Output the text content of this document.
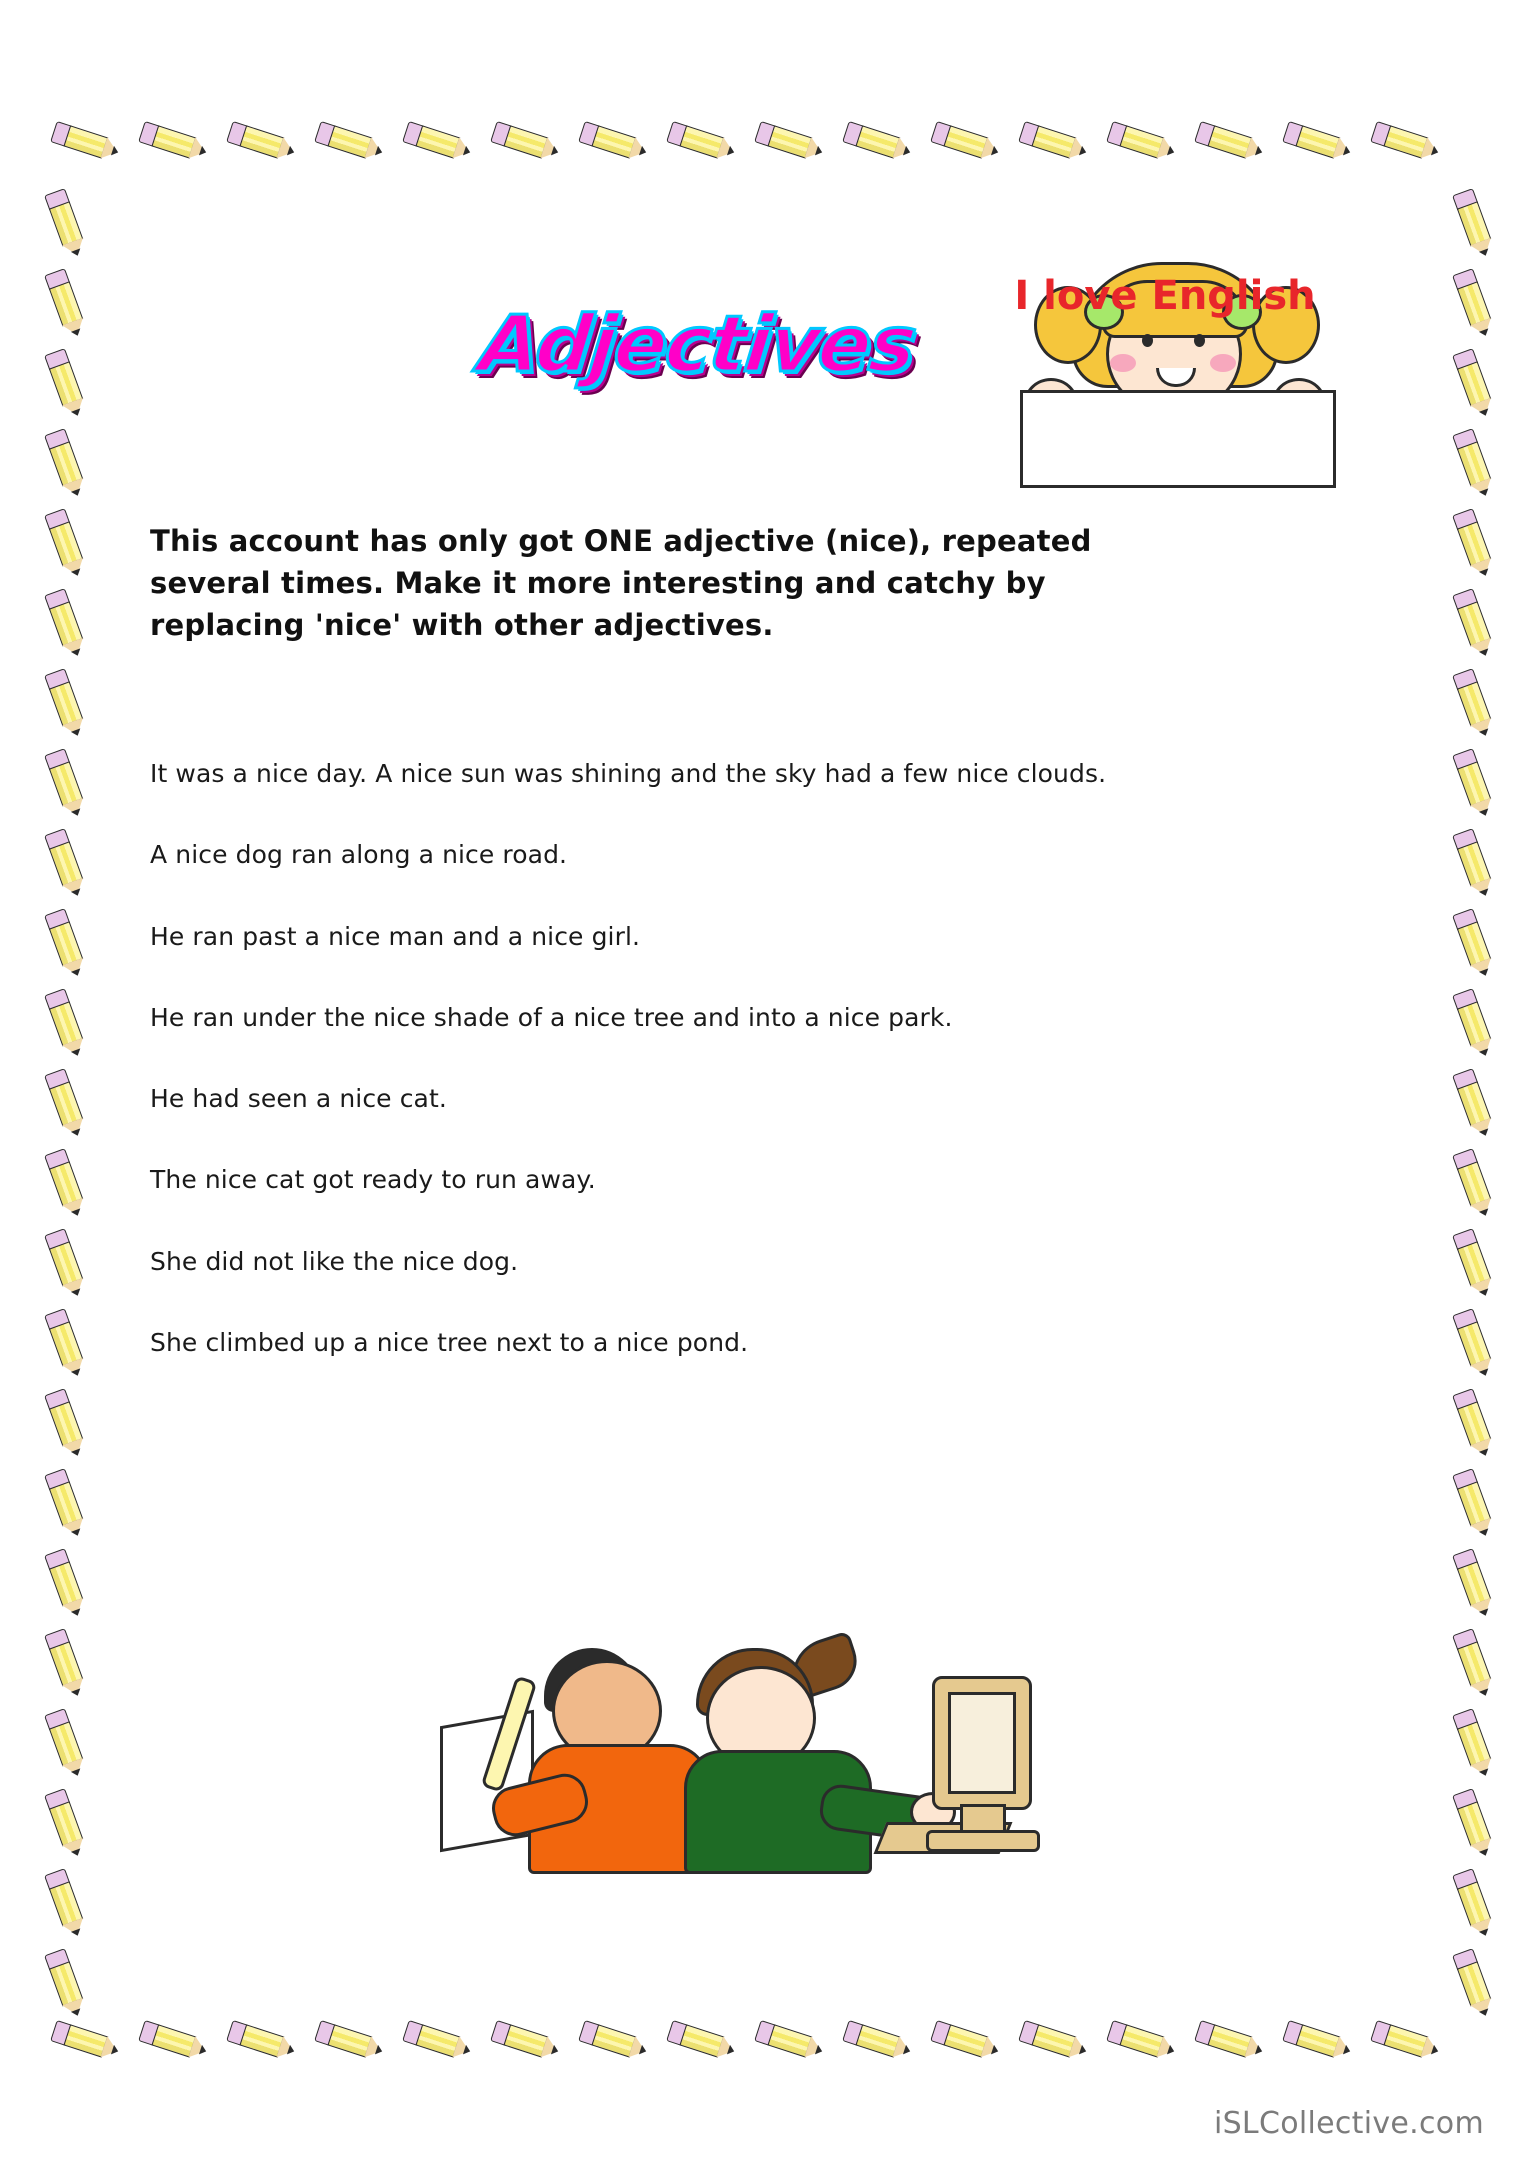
Adjectives
I love English
This account has only got ONE adjective (nice), repeated several times. Make it more interesting and catchy by replacing 'nice' with other adjectives.
It was a nice day. A nice sun was shining and the sky had a few nice clouds.
A nice dog ran along a nice road.
He ran past a nice man and a nice girl.
He ran under the nice shade of a nice tree and into a nice park.
He had seen a nice cat.
The nice cat got ready to run away.
She did not like the nice dog.
She climbed up a nice tree next to a nice pond.
iSLCollective.com
